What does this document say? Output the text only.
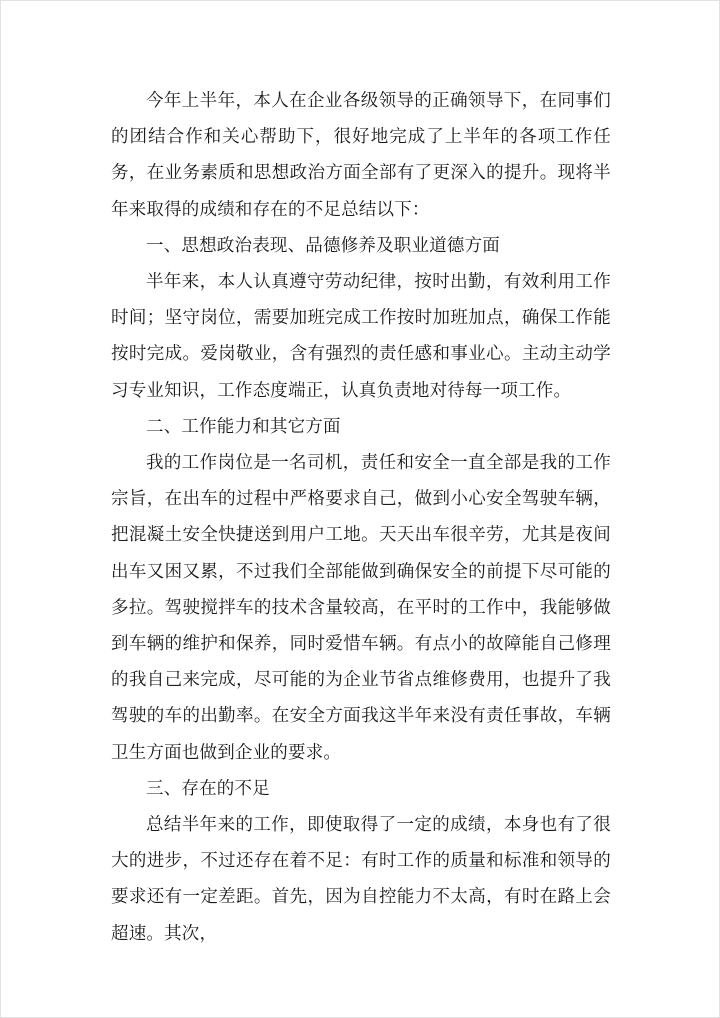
今年上半年，本人在企业各级领导的正确领导下，在同事们的团结合作和关心帮助下，很好地完成了上半年的各项工作任务，在业务素质和思想政治方面全部有了更深入的提升。现将半年来取得的成绩和存在的不足总结以下：

一、思想政治表现、品德修养及职业道德方面

半年来，本人认真遵守劳动纪律，按时出勤，有效利用工作时间；坚守岗位，需要加班完成工作按时加班加点，确保工作能按时完成。爱岗敬业，含有强烈的责任感和事业心。主动主动学习专业知识，工作态度端正，认真负责地对待每一项工作。

二、工作能力和其它方面

我的工作岗位是一名司机，责任和安全一直全部是我的工作宗旨，在出车的过程中严格要求自己，做到小心安全驾驶车辆，把混凝土安全快捷送到用户工地。天天出车很辛劳，尤其是夜间出车又困又累，不过我们全部能做到确保安全的前提下尽可能的多拉。驾驶搅拌车的技术含量较高，在平时的工作中，我能够做到车辆的维护和保养，同时爱惜车辆。有点小的故障能自己修理的我自己来完成，尽可能的为企业节省点维修费用，也提升了我驾驶的车的出勤率。在安全方面我这半年来没有责任事故，车辆卫生方面也做到企业的要求。

三、存在的不足

总结半年来的工作，即使取得了一定的成绩，本身也有了很大的进步，不过还存在着不足：有时工作的质量和标准和领导的要求还有一定差距。首先，因为自控能力不太高，有时在路上会超速。其次，
